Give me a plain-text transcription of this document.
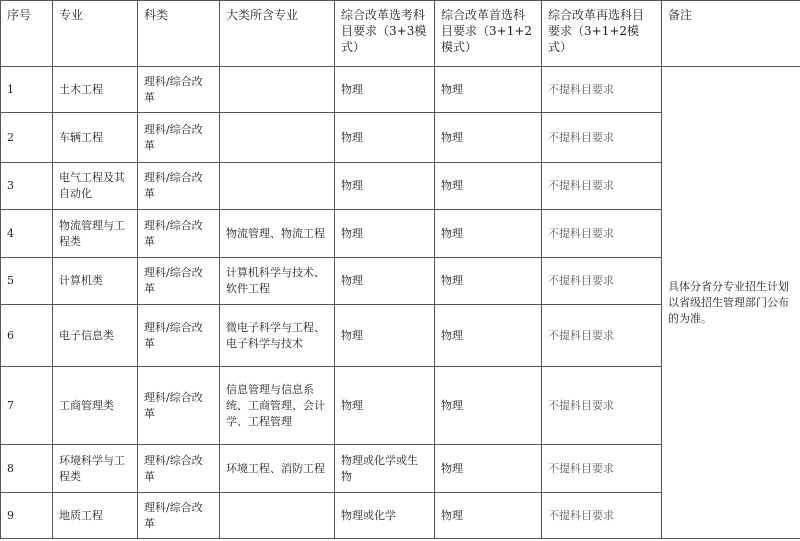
序号	专业	科类	大类所含专业	综合改革选考科目要求（3+3模式）	综合改革首选科目要求（3+1+2模式）	综合改革再选科目要求（3+1+2模式）	备注
1	土木工程	理科/综合改革		物理	物理	不提科目要求	具体分省分专业招生计划以省级招生管理部门公布的为准。
2	车辆工程	理科/综合改革		物理	物理	不提科目要求	
3	电气工程及其自动化	理科/综合改革		物理	物理	不提科目要求	
4	物流管理与工程类	理科/综合改革	物流管理、物流工程	物理	物理	不提科目要求	
5	计算机类	理科/综合改革	计算机科学与技术、软件工程	物理	物理	不提科目要求	
6	电子信息类	理科/综合改革	微电子科学与工程、电子科学与技术	物理	物理	不提科目要求	
7	工商管理类	理科/综合改革	信息管理与信息系统、工商管理、会计学、工程管理	物理	物理	不提科目要求	
8	环境科学与工程类	理科/综合改革	环境工程、消防工程	物理或化学或生物	物理	不提科目要求	
9	地质工程	理科/综合改革		物理或化学	物理	不提科目要求	
